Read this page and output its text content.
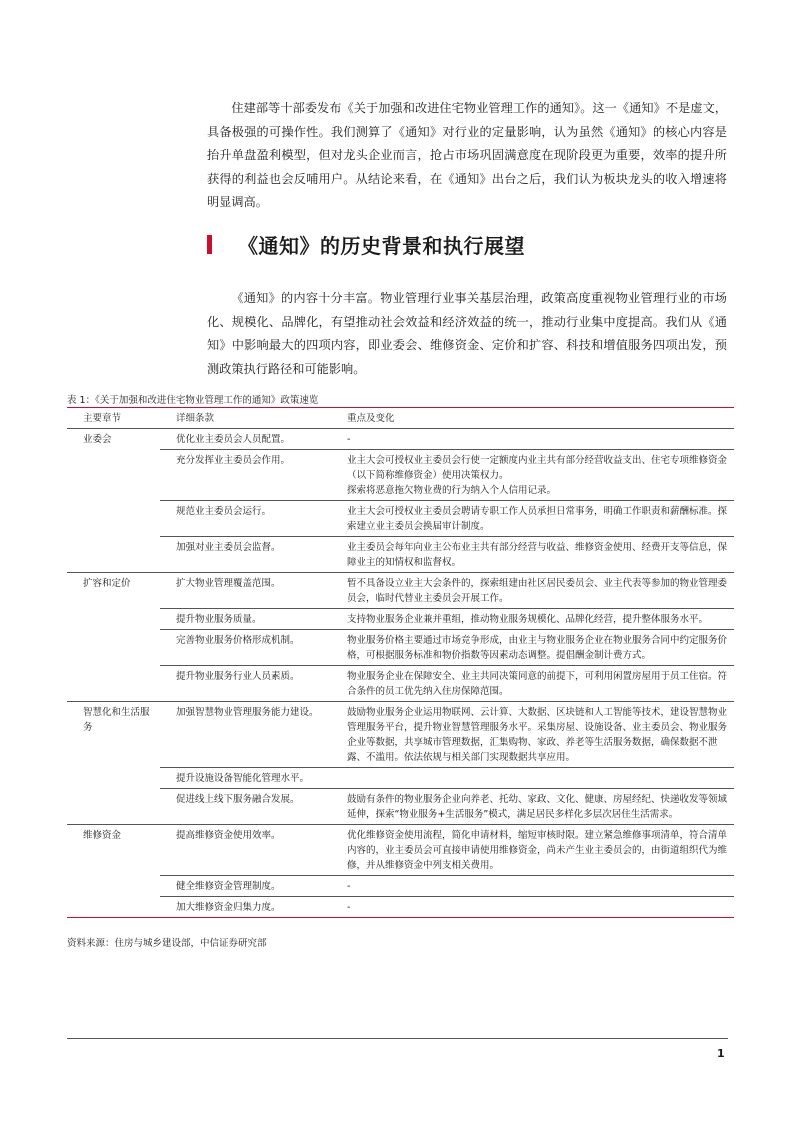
住建部等十部委发布《关于加强和改进住宅物业管理工作的通知》。这一《通知》不是虚文，具备极强的可操作性。我们测算了《通知》对行业的定量影响，认为虽然《通知》的核心内容是抬升单盘盈利模型，但对龙头企业而言，抢占市场巩固满意度在现阶段更为重要，效率的提升所获得的利益也会反哺用户。从结论来看，在《通知》出台之后，我们认为板块龙头的收入增速将明显调高。

《通知》的历史背景和执行展望

《通知》的内容十分丰富。物业管理行业事关基层治理，政策高度重视物业管理行业的市场化、规模化、品牌化，有望推动社会效益和经济效益的统一，推动行业集中度提高。我们从《通知》中影响最大的四项内容，即业委会、维修资金、定价和扩容、科技和增值服务四项出发，预测政策执行路径和可能影响。

表 1：《关于加强和改进住宅物业管理工作的通知》政策速览
主要章节	详细条款	重点及变化
业委会	优化业主委员会人员配置。	-
	充分发挥业主委员会作用。	业主大会可授权业主委员会行使一定额度内业主共有部分经营收益支出、住宅专项维修资金（以下简称维修资金）使用决策权力。
探索将恶意拖欠物业费的行为纳入个人信用记录。
	规范业主委员会运行。	业主大会可授权业主委员会聘请专职工作人员承担日常事务，明确工作职责和薪酬标准。探索建立业主委员会换届审计制度。
	加强对业主委员会监督。	业主委员会每年向业主公布业主共有部分经营与收益、维修资金使用、经费开支等信息，保障业主的知情权和监督权。
扩容和定价	扩大物业管理覆盖范围。	暂不具备设立业主大会条件的，探索组建由社区居民委员会、业主代表等参加的物业管理委员会，临时代替业主委员会开展工作。
	提升物业服务质量。	支持物业服务企业兼并重组，推动物业服务规模化、品牌化经营，提升整体服务水平。
	完善物业服务价格形成机制。	物业服务价格主要通过市场竞争形成，由业主与物业服务企业在物业服务合同中约定服务价格，可根据服务标准和物价指数等因素动态调整。提倡酬金制计费方式。
	提升物业服务行业人员素质。	物业服务企业在保障安全、业主共同决策同意的前提下，可利用闲置房屋用于员工住宿。符合条件的员工优先纳入住房保障范围。
智慧化和生活服务	加强智慧物业管理服务能力建设。	鼓励物业服务企业运用物联网、云计算、大数据、区块链和人工智能等技术，建设智慧物业管理服务平台，提升物业智慧管理服务水平。采集房屋、设施设备、业主委员会、物业服务企业等数据，共享城市管理数据，汇集购物、家政、养老等生活服务数据，确保数据不泄露、不滥用。依法依规与相关部门实现数据共享应用。
	提升设施设备智能化管理水平。	
	促进线上线下服务融合发展。	鼓励有条件的物业服务企业向养老、托幼、家政、文化、健康、房屋经纪、快递收发等领域延伸，探索“物业服务+生活服务”模式，满足居民多样化多层次居住生活需求。
维修资金	提高维修资金使用效率。	优化维修资金使用流程，简化申请材料，缩短审核时限。建立紧急维修事项清单，符合清单内容的，业主委员会可直接申请使用维修资金，尚未产生业主委员会的，由街道组织代为维修，并从维修资金中列支相关费用。
	健全维修资金管理制度。	-
	加大维修资金归集力度。	-
资料来源：住房与城乡建设部，中信证券研究部
1
